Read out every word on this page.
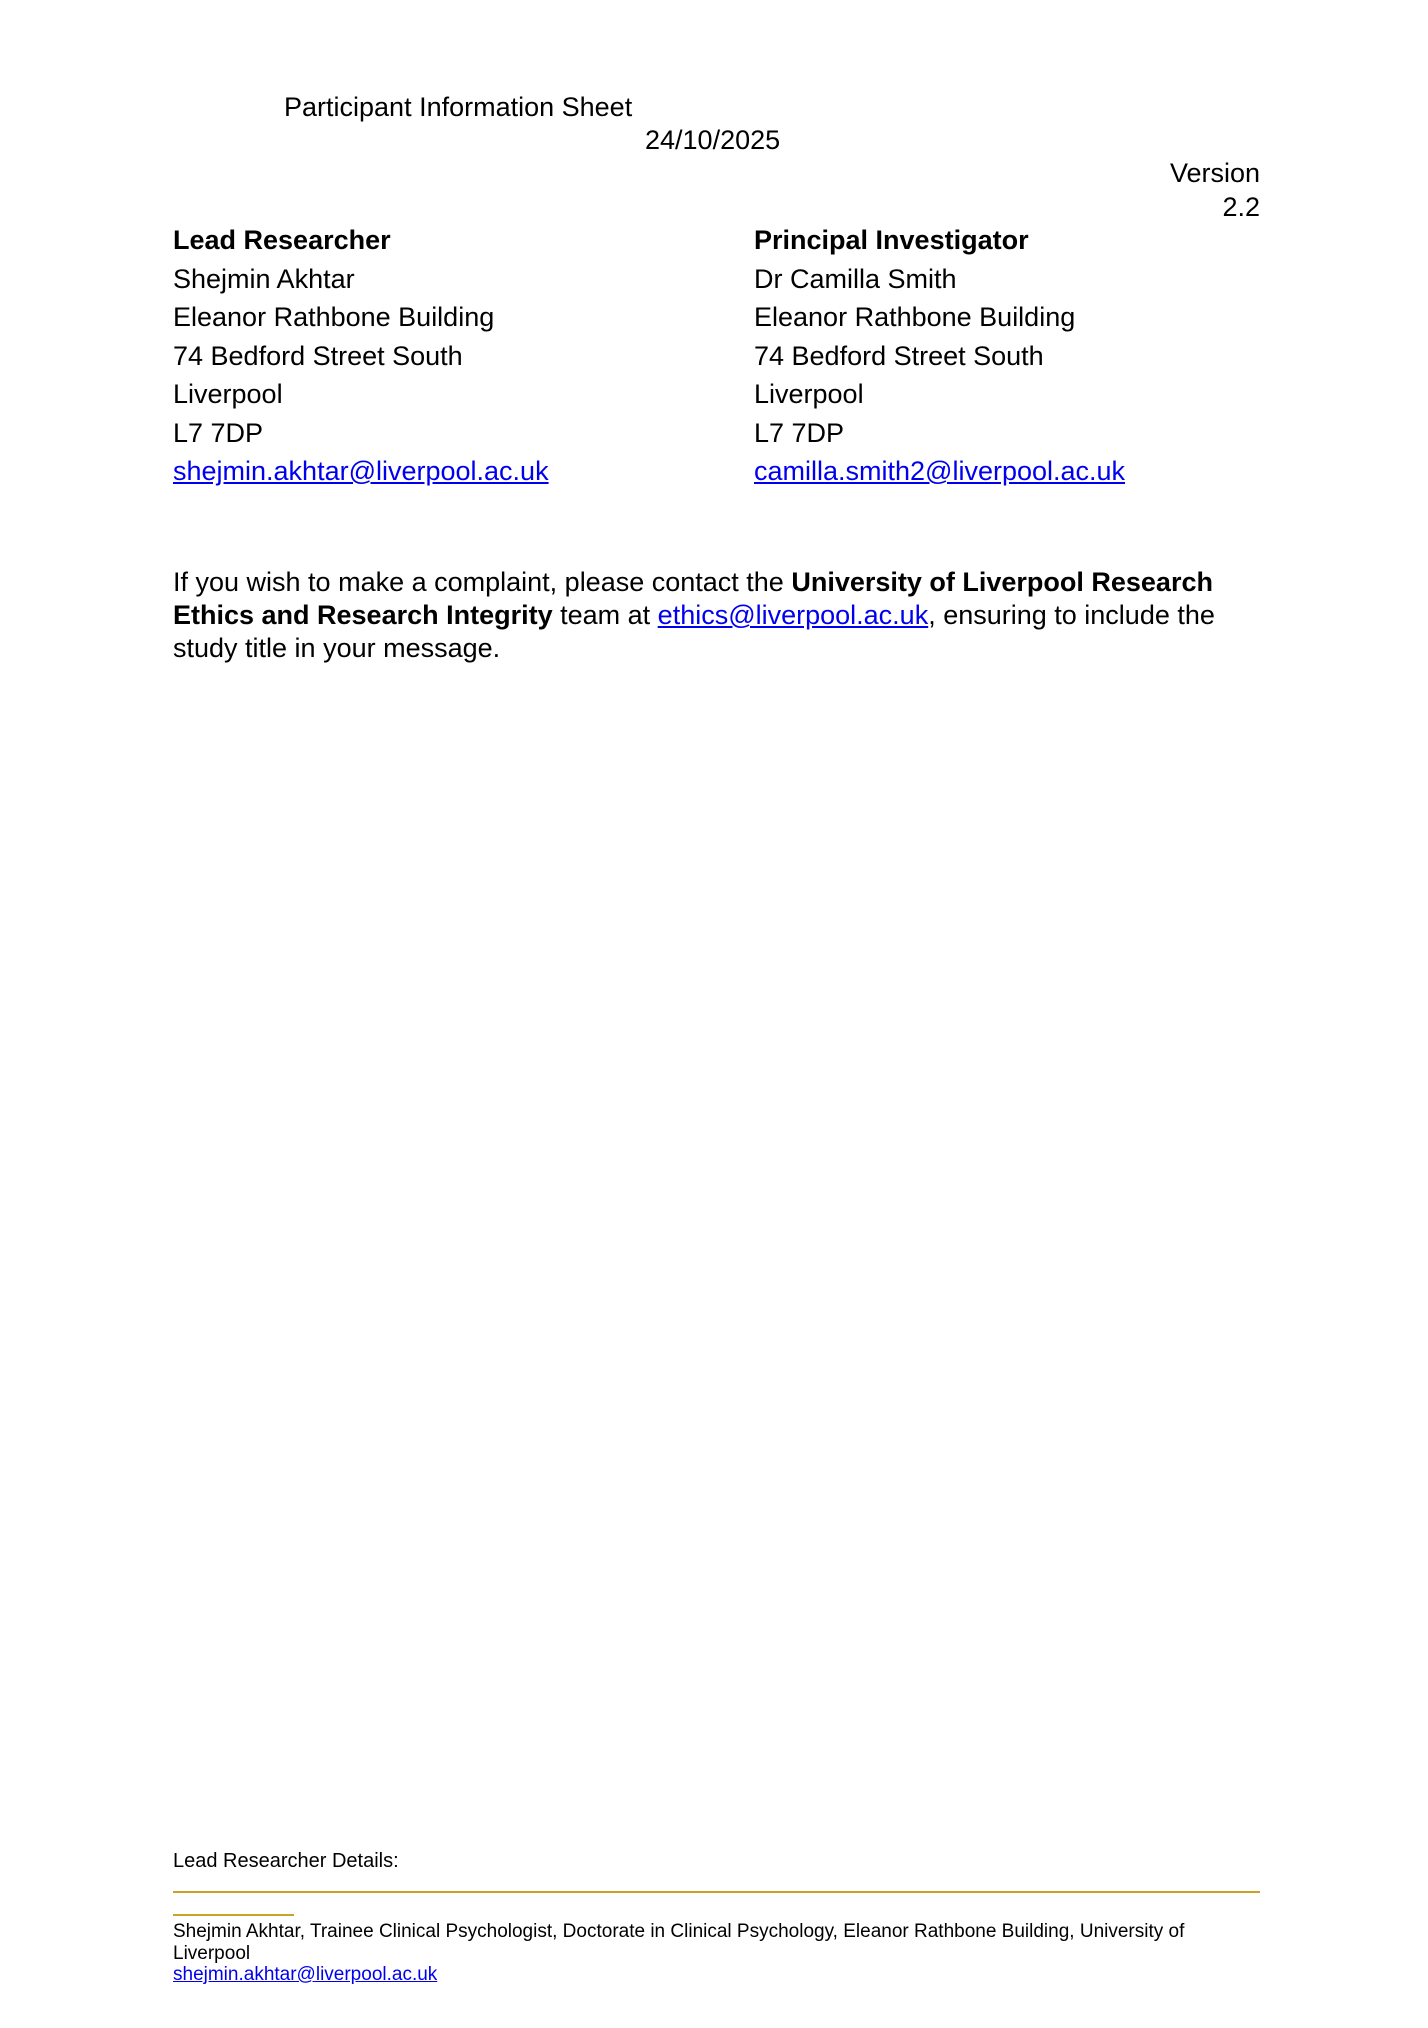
Participant Information Sheet
24/10/2025
Version
2.2
Lead Researcher
Shejmin Akhtar
Eleanor Rathbone Building
74 Bedford Street South
Liverpool
L7 7DP
shejmin.akhtar@liverpool.ac.uk
Principal Investigator
Dr Camilla Smith
Eleanor Rathbone Building
74 Bedford Street South
Liverpool
L7 7DP
camilla.smith2@liverpool.ac.uk
If you wish to make a complaint, please contact the University of Liverpool Research Ethics and Research Integrity team at ethics@liverpool.ac.uk, ensuring to include the study title in your message.
Lead Researcher Details:
Shejmin Akhtar, Trainee Clinical Psychologist, Doctorate in Clinical Psychology, Eleanor Rathbone Building, University of Liverpool
shejmin.akhtar@liverpool.ac.uk
